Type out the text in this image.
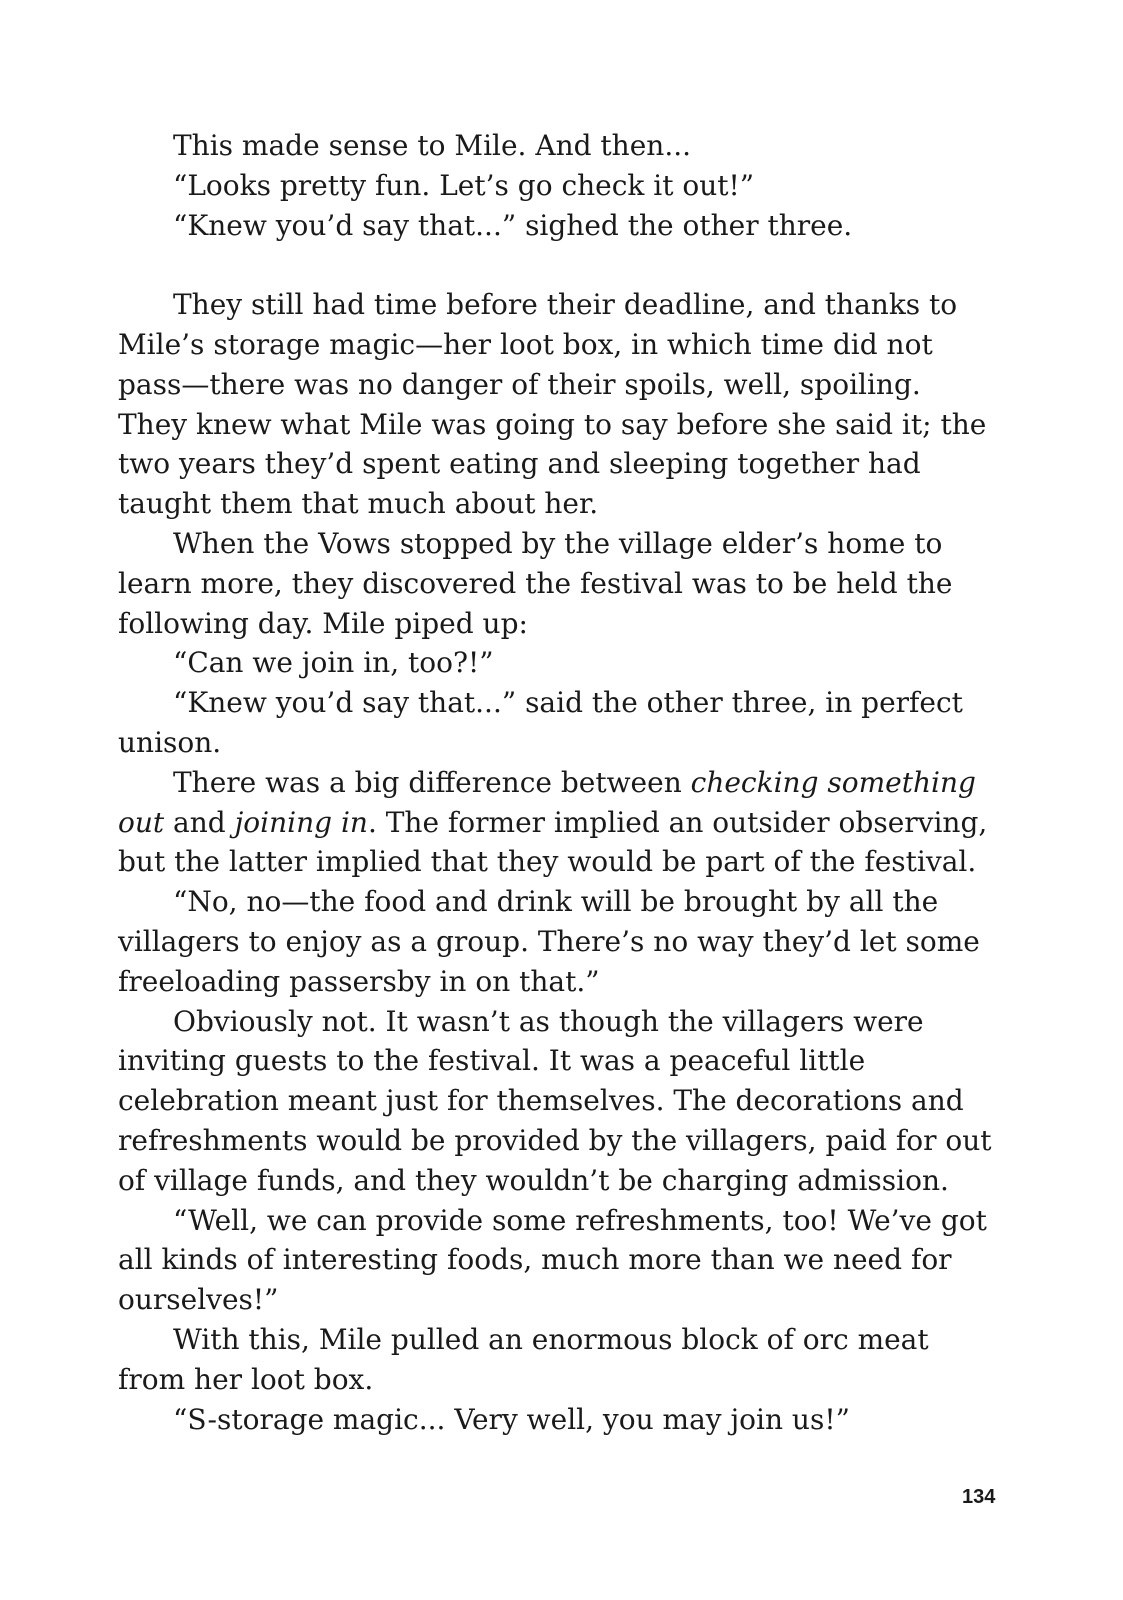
This made sense to Mile. And then...

“Looks pretty fun. Let’s go check it out!”

“Knew you’d say that...” sighed the other three.

They still had time before their deadline, and thanks to Mile’s storage magic—her loot box, in which time did not pass—there was no danger of their spoils, well, spoiling. They knew what Mile was going to say before she said it; the two years they’d spent eating and sleeping together had taught them that much about her.

When the Vows stopped by the village elder’s home to learn more, they discovered the festival was to be held the following day. Mile piped up:

“Can we join in, too?!”

“Knew you’d say that...” said the other three, in perfect unison.

There was a big difference between checking something out and joining in. The former implied an outsider observing, but the latter implied that they would be part of the festival.

“No, no—the food and drink will be brought by all the villagers to enjoy as a group. There’s no way they’d let some freeloading passersby in on that.”

Obviously not. It wasn’t as though the villagers were inviting guests to the festival. It was a peaceful little celebration meant just for themselves. The decorations and refreshments would be provided by the villagers, paid for out of village funds, and they wouldn’t be charging admission.

“Well, we can provide some refreshments, too! We’ve got all kinds of interesting foods, much more than we need for ourselves!”

With this, Mile pulled an enormous block of orc meat from her loot box.

“S-storage magic... Very well, you may join us!”

134
